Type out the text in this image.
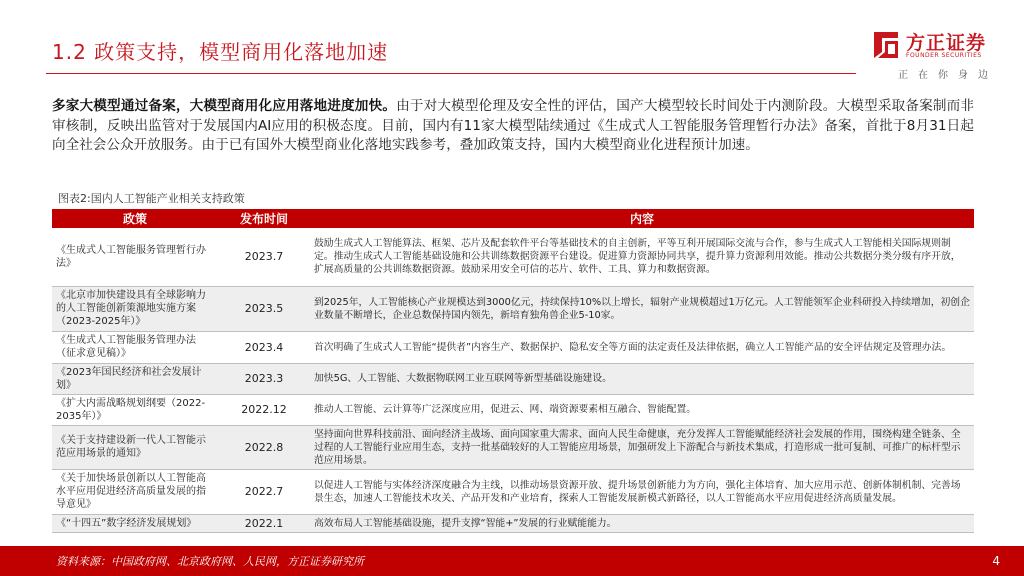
1.2 政策支持，模型商用化落地加速	方正证券
FOUNDER SECURITIES
正在你身边
多家大模型通过备案，大模型商用化应用落地进度加快。由于对大模型伦理及安全性的评估，国产大模型较长时间处于内测阶段。大模型采取备案制而非审核制，反映出监管对于发展国内AI应用的积极态度。目前，国内有11家大模型陆续通过《生成式人工智能服务管理暂行办法》备案，首批于8月31日起向全社会公众开放服务。由于已有国外大模型商业化落地实践参考，叠加政策支持，国内大模型商业化进程预计加速。
图表2:国内人工智能产业相关支持政策
政策	发布时间	内容
《生成式人工智能服务管理暂行办法》	2023.7	鼓励生成式人工智能算法、框架、芯片及配套软件平台等基础技术的自主创新，平等互利开展国际交流与合作，参与生成式人工智能相关国际规则制定。推动生成式人工智能基础设施和公共训练数据资源平台建设。促进算力资源协同共享，提升算力资源利用效能。推动公共数据分类分级有序开放，扩展高质量的公共训练数据资源。鼓励采用安全可信的芯片、软件、工具、算力和数据资源。
《北京市加快建设具有全球影响力的人工智能创新策源地实施方案（2023-2025年）》	2023.5	到2025年，人工智能核心产业规模达到3000亿元，持续保持10%以上增长，辐射产业规模超过1万亿元。人工智能领军企业科研投入持续增加，初创企业数量不断增长，企业总数保持国内领先，新培育独角兽企业5-10家。
《生成式人工智能服务管理办法（征求意见稿）》	2023.4	首次明确了生成式人工智能“提供者”内容生产、数据保护、隐私安全等方面的法定责任及法律依据，确立人工智能产品的安全评估规定及管理办法。
《2023年国民经济和社会发展计划》	2023.3	加快5G、人工智能、大数据物联网工业互联网等新型基础设施建设。
《扩大内需战略规划纲要（2022-2035年）》	2022.12	推动人工智能、云计算等广泛深度应用，促进云、网、端资源要素相互融合、智能配置。
《关于支持建设新一代人工智能示范应用场景的通知》	2022.8	坚持面向世界科技前沿、面向经济主战场、面向国家重大需求、面向人民生命健康，充分发挥人工智能赋能经济社会发展的作用，围绕构建全链条、全过程的人工智能行业应用生态，支持一批基础较好的人工智能应用场景，加强研发上下游配合与新技术集成，打造形成一批可复制、可推广的标杆型示范应用场景。
《关于加快场景创新以人工智能高水平应用促进经济高质量发展的指导意见》	2022.7	以促进人工智能与实体经济深度融合为主线，以推动场景资源开放、提升场景创新能力为方向，强化主体培育、加大应用示范、创新体制机制、完善场景生态，加速人工智能技术攻关、产品开发和产业培育，探索人工智能发展新模式新路径，以人工智能高水平应用促进经济高质量发展。
《“十四五”数字经济发展规划》	2022.1	高效布局人工智能基础设施，提升支撑“智能+”发展的行业赋能能力。
资料来源：中国政府网、北京政府网、人民网，方正证券研究所	4
